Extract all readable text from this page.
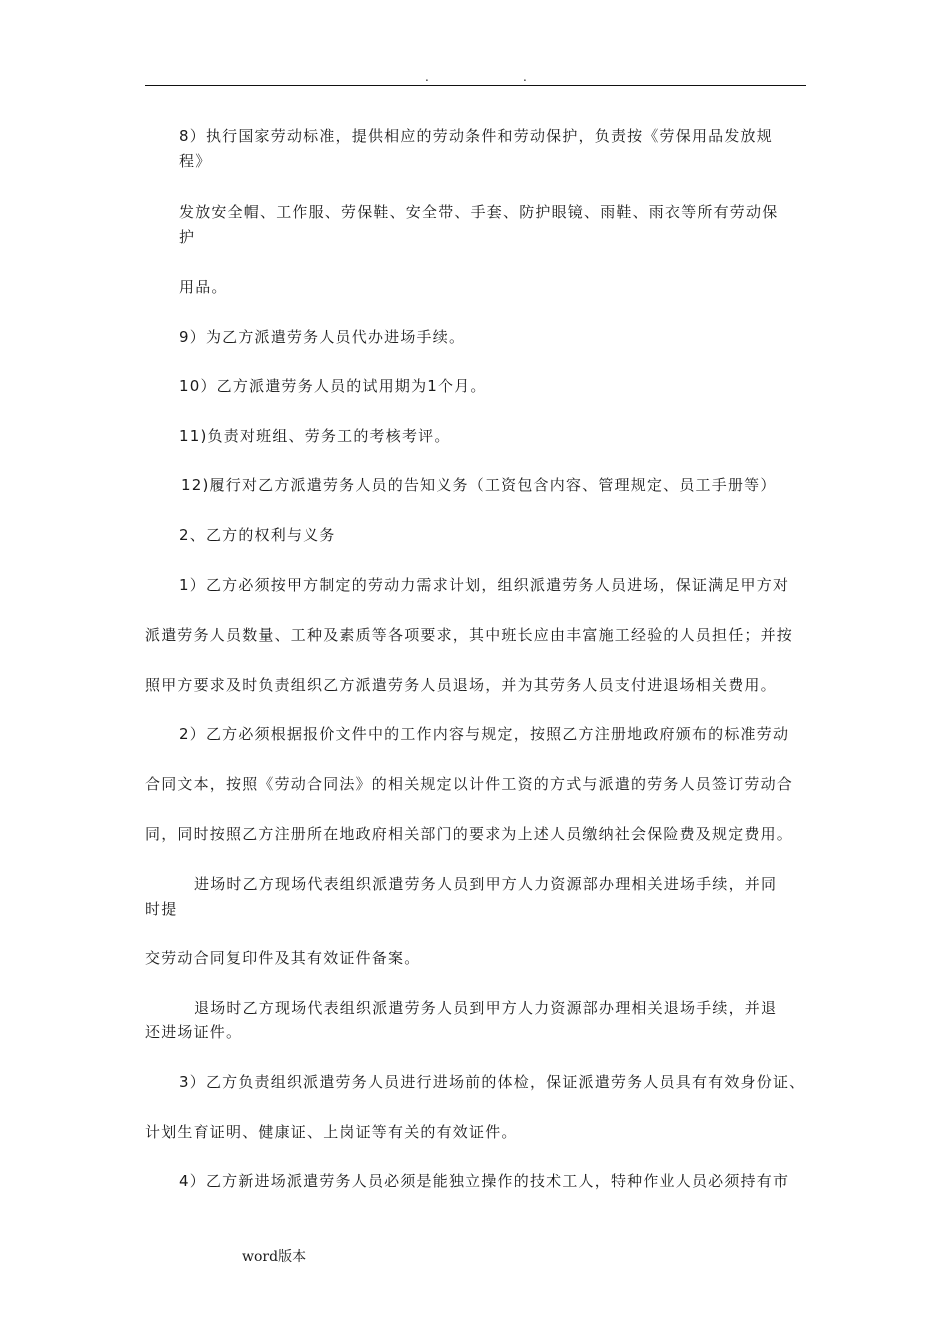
.	.
8）执行国家劳动标准，提供相应的劳动条件和劳动保护，负责按《劳保用品发放规
程》
发放安全帽、工作服、劳保鞋、安全带、手套、防护眼镜、雨鞋、雨衣等所有劳动保
护
用品。
9）为乙方派遣劳务人员代办进场手续。
10）乙方派遣劳务人员的试用期为1个月。
11)负责对班组、劳务工的考核考评。
12)履行对乙方派遣劳务人员的告知义务（工资包含内容、管理规定、员工手册等）
2、乙方的权利与义务
1）乙方必须按甲方制定的劳动力需求计划，组织派遣劳务人员进场，保证满足甲方对
派遣劳务人员数量、工种及素质等各项要求，其中班长应由丰富施工经验的人员担任；并按
照甲方要求及时负责组织乙方派遣劳务人员退场，并为其劳务人员支付进退场相关费用。
2）乙方必须根据报价文件中的工作内容与规定，按照乙方注册地政府颁布的标准劳动
合同文本，按照《劳动合同法》的相关规定以计件工资的方式与派遣的劳务人员签订劳动合
同，同时按照乙方注册所在地政府相关部门的要求为上述人员缴纳社会保险费及规定费用。
进场时乙方现场代表组织派遣劳务人员到甲方人力资源部办理相关进场手续，并同
时提
交劳动合同复印件及其有效证件备案。
退场时乙方现场代表组织派遣劳务人员到甲方人力资源部办理相关退场手续，并退
还进场证件。
3）乙方负责组织派遣劳务人员进行进场前的体检，保证派遣劳务人员具有有效身份证、
计划生育证明、健康证、上岗证等有关的有效证件。
4）乙方新进场派遣劳务人员必须是能独立操作的技术工人，特种作业人员必须持有市
word版本
